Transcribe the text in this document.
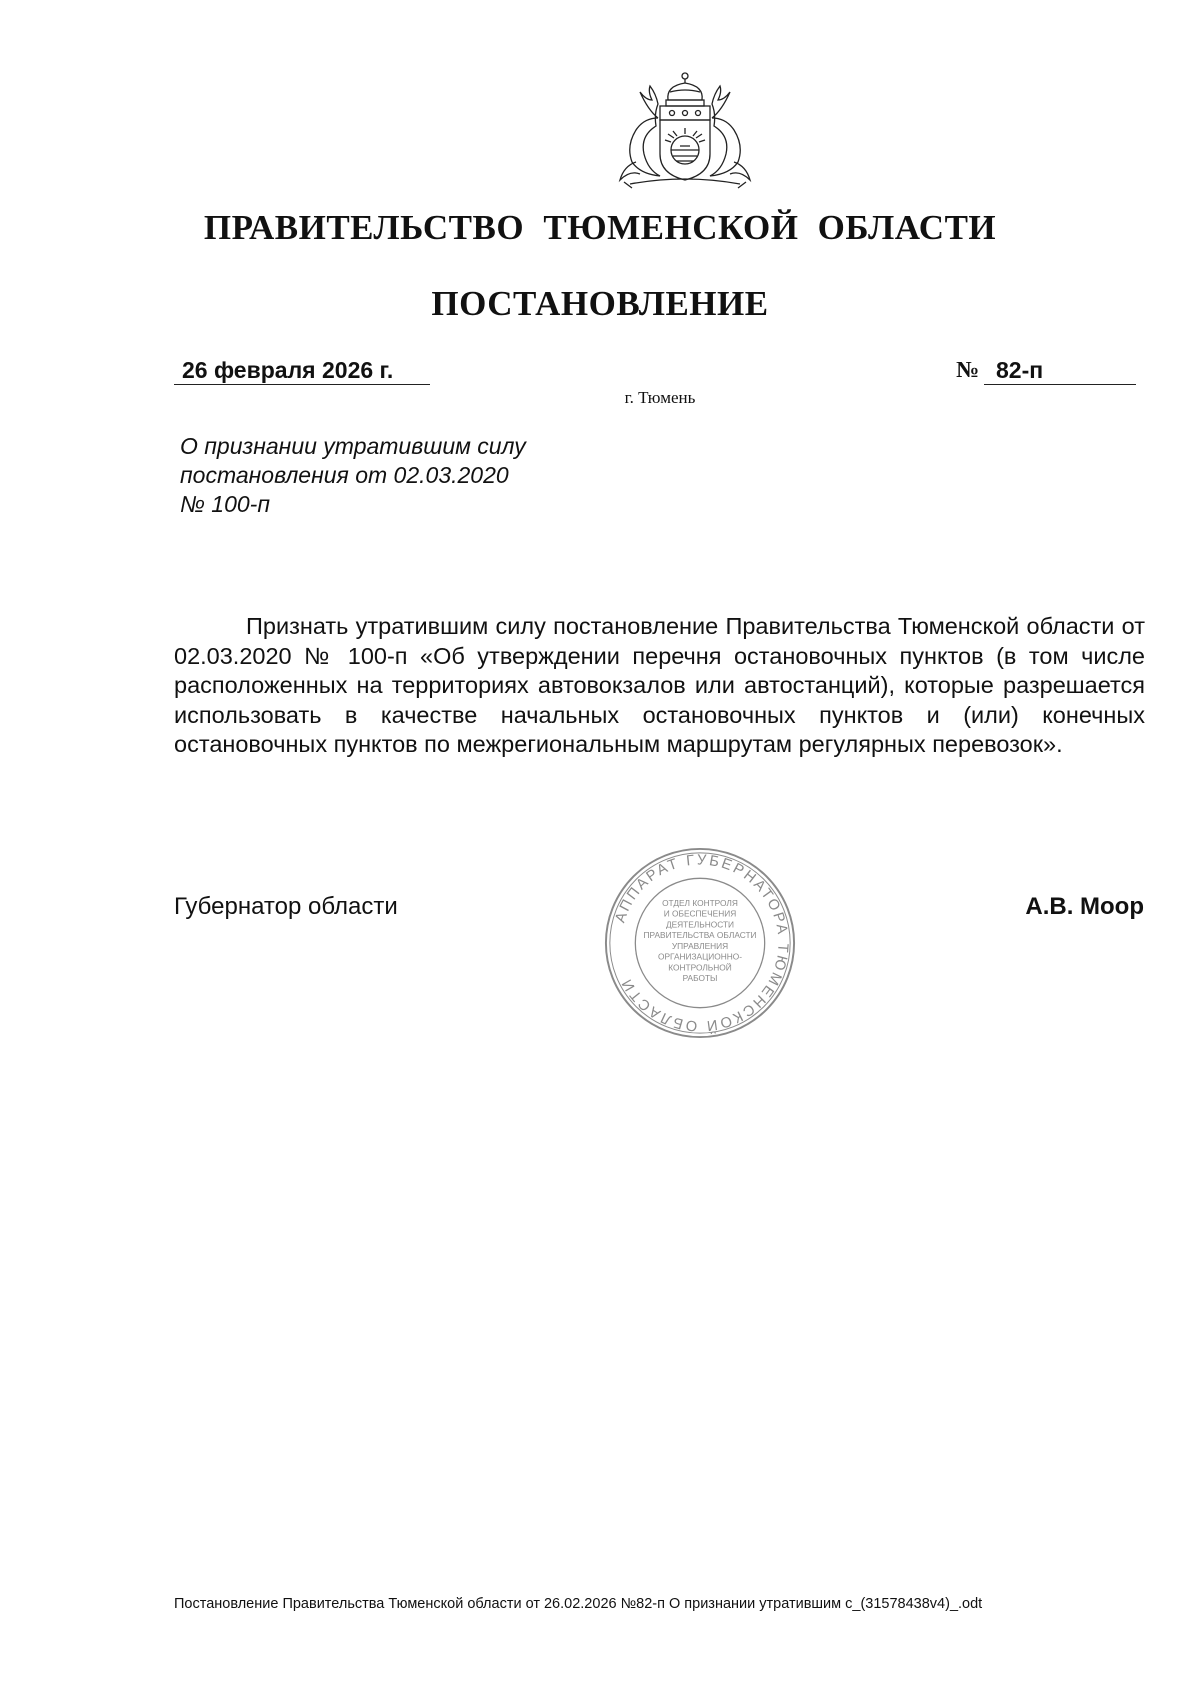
ПРАВИТЕЛЬСТВО ТЮМЕНСКОЙ ОБЛАСТИ
ПОСТАНОВЛЕНИЕ
26 февраля 2026 г.	№ 82-п
г. Тюмень
О признании утратившим силу
постановления от 02.03.2020
№ 100-п

Признать утратившим силу постановление Правительства Тюменской области от 02.03.2020 № 100-п «Об утверждении перечня остановочных пунктов (в том числе расположенных на территориях автовокзалов или автостанций), которые разрешается использовать в качестве начальных остановочных пунктов и (или) конечных остановочных пунктов по межрегиональным маршрутам регулярных перевозок».

Губернатор области	А.В. Моор
АППАРАТ ГУБЕРНАТОРА ТЮМЕНСКОЙ ОБЛАСТИ
ОТДЕЛ КОНТРОЛЯ
И ОБЕСПЕЧЕНИЯ
ДЕЯТЕЛЬНОСТИ
ПРАВИТЕЛЬСТВА ОБЛАСТИ
УПРАВЛЕНИЯ
ОРГАНИЗАЦИОННО-
КОНТРОЛЬНОЙ
РАБОТЫ
Постановление Правительства Тюменской области от 26.02.2026 №82-п О признании утратившим с_(31578438v4)_.odt
